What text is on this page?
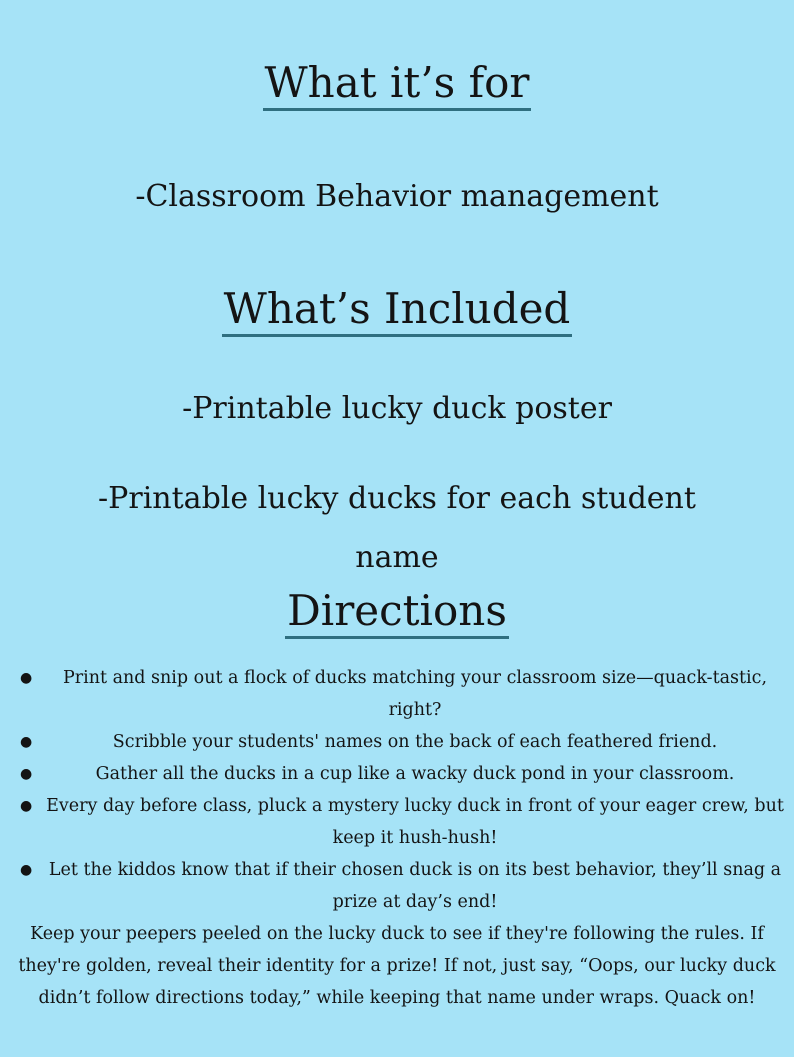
What it’s for

-Classroom Behavior management

What’s Included

-Printable lucky duck poster

-Printable lucky ducks for each student

name

Directions
● Print and snip out a flock of ducks matching your classroom size—quack-tastic, right?
●	Scribble your students' names on the back of each feathered friend.
●	Gather all the ducks in a cup like a wacky duck pond in your classroom.
● Every day before class, pluck a mystery lucky duck in front of your eager crew, but keep it hush-hush!
● Let the kiddos know that if their chosen duck is on its best behavior, they’ll snag a prize at day’s end!

Keep your peepers peeled on the lucky duck to see if they're following the rules. If they're golden, reveal their identity for a prize! If not, just say, “Oops, our lucky duck didn’t follow directions today,” while keeping that name under wraps. Quack on!
